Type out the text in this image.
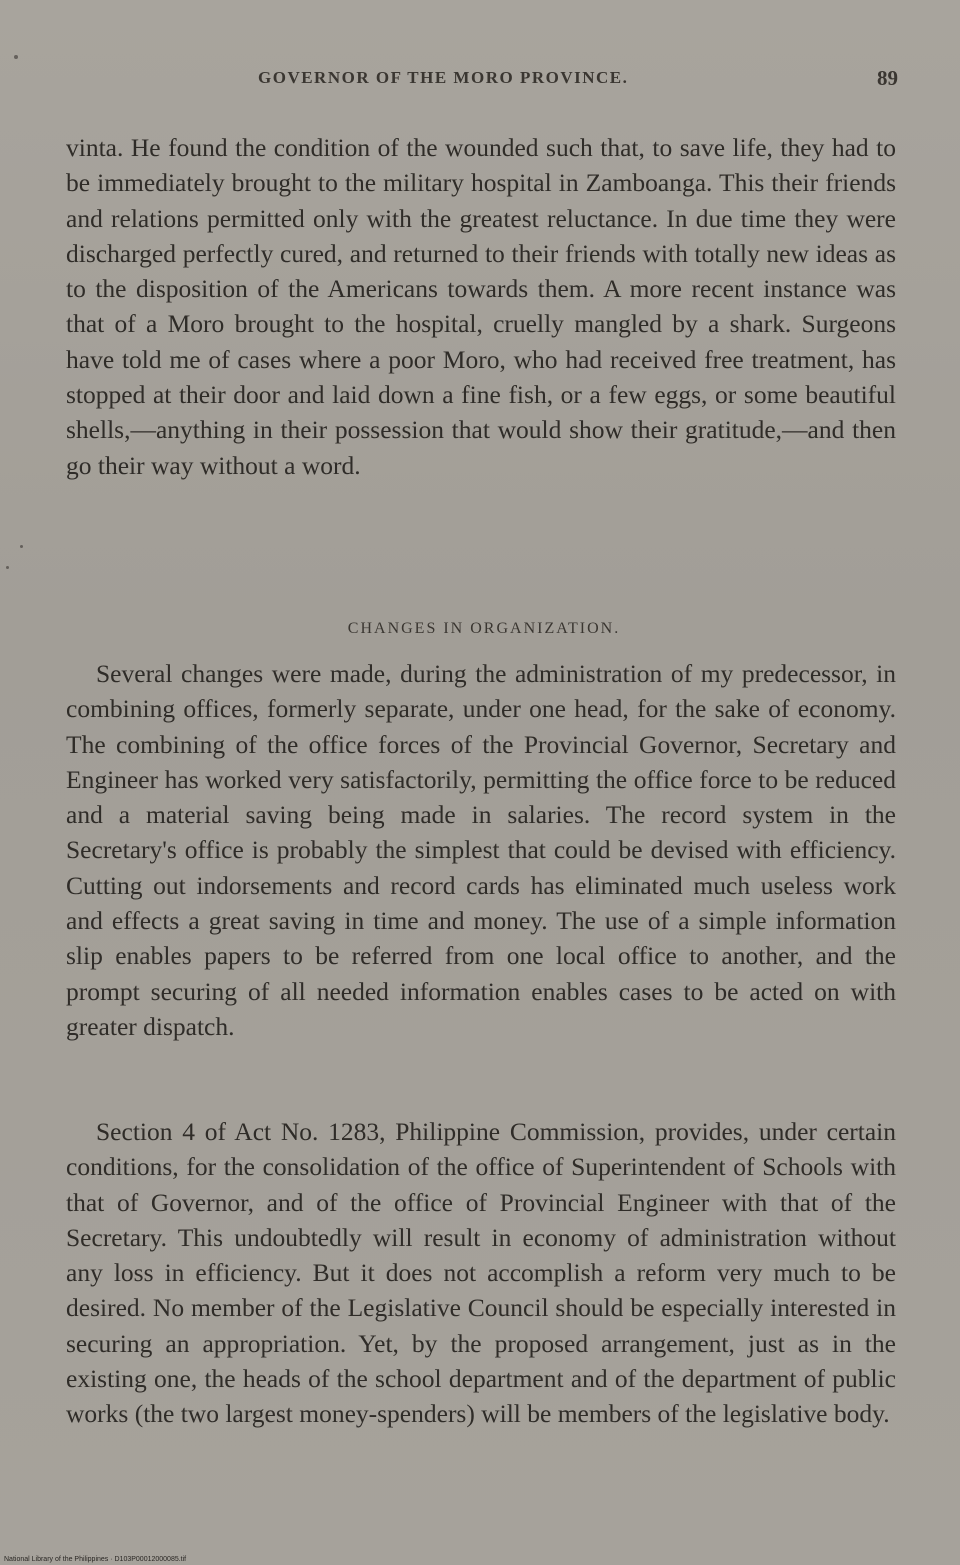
GOVERNOR OF THE MORO PROVINCE.	89

vinta. He found the condition of the wounded such that, to save life, they had to be immediately brought to the military hospital in Zamboanga. This their friends and relations permitted only with the greatest reluctance. In due time they were discharged perfectly cured, and returned to their friends with totally new ideas as to the disposition of the Americans towards them. A more recent instance was that of a Moro brought to the hospital, cruelly mangled by a shark. Surgeons have told me of cases where a poor Moro, who had received free treatment, has stopped at their door and laid down a fine fish, or a few eggs, or some beautiful shells,—anything in their possession that would show their gratitude,—and then go their way without a word.

CHANGES IN ORGANIZATION.

Several changes were made, during the administration of my predecessor, in combining offices, formerly separate, under one head, for the sake of economy. The combining of the office forces of the Provincial Governor, Secretary and Engineer has worked very satisfactorily, permitting the office force to be reduced and a material saving being made in salaries. The record system in the Secretary's office is probably the simplest that could be devised with efficiency. Cutting out indorsements and record cards has eliminated much useless work and effects a great saving in time and money. The use of a simple information slip enables papers to be referred from one local office to another, and the prompt securing of all needed information enables cases to be acted on with greater dispatch.

Section 4 of Act No. 1283, Philippine Commission, provides, under certain conditions, for the consolidation of the office of Superintendent of Schools with that of Governor, and of the office of Provincial Engineer with that of the Secretary. This undoubtedly will result in economy of administration without any loss in efficiency. But it does not accomplish a reform very much to be desired. No member of the Legislative Council should be especially interested in securing an appropriation. Yet, by the proposed arrangement, just as in the existing one, the heads of the school department and of the department of public works (the two largest money-spenders) will be members of the legislative body.

National Library of the Philippines · D103P00012000085.tif
